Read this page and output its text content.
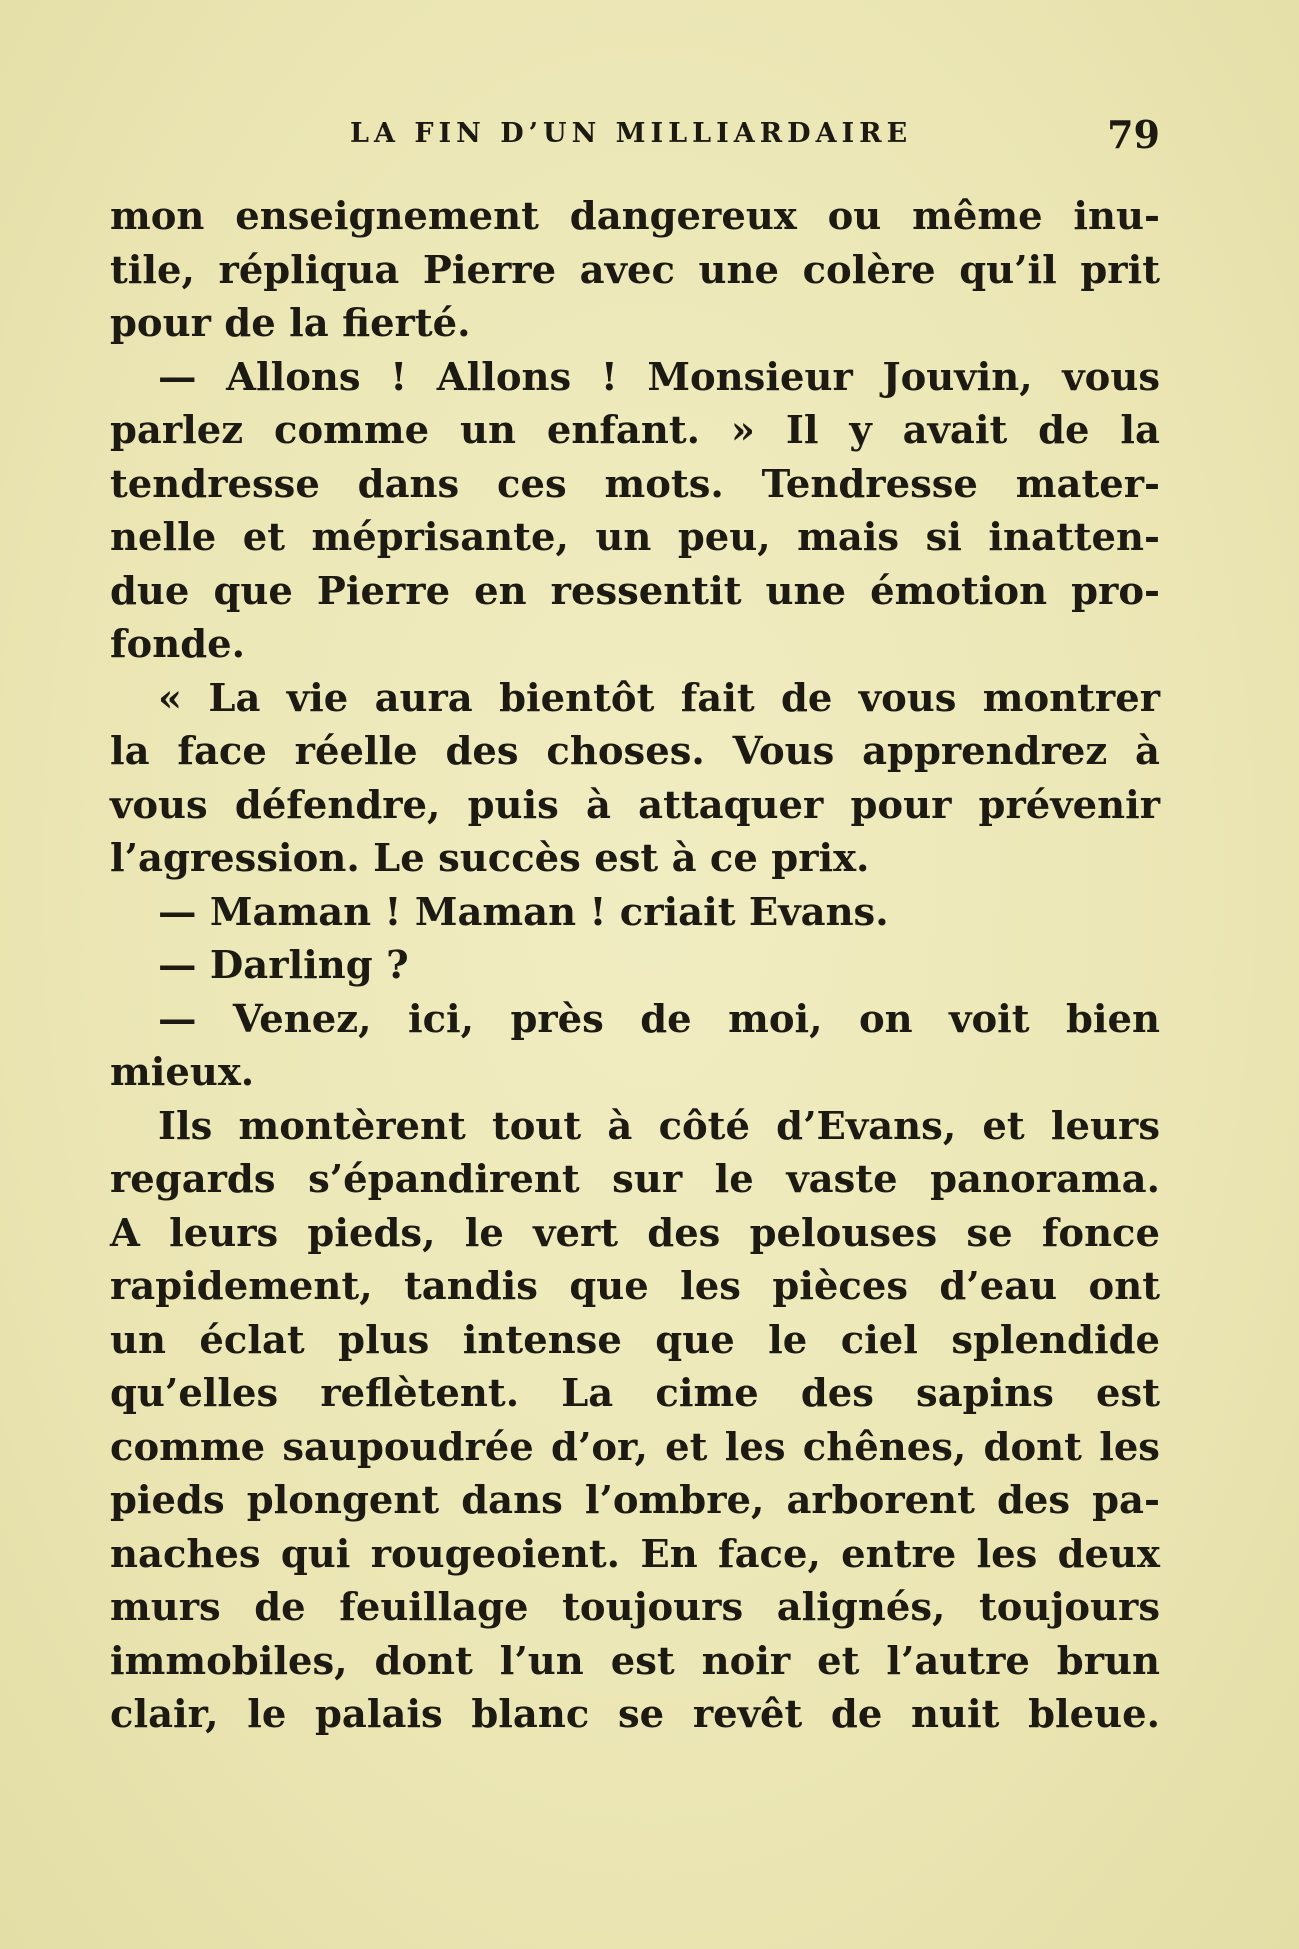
LA FIN D’UN MILLIARDAIRE	79
mon enseignement dangereux ou même inu-
tile, répliqua Pierre avec une colère qu’il prit
pour de la fierté.
— Allons ! Allons ! Monsieur Jouvin, vous
parlez comme un enfant. » Il y avait de la
tendresse dans ces mots. Tendresse mater-
nelle et méprisante, un peu, mais si inatten-
due que Pierre en ressentit une émotion pro-
fonde.
« La vie aura bientôt fait de vous montrer
la face réelle des choses. Vous apprendrez à
vous défendre, puis à attaquer pour prévenir
l’agression. Le succès est à ce prix.
— Maman ! Maman ! criait Evans.
— Darling ?
— Venez, ici, près de moi, on voit bien
mieux.
Ils montèrent tout à côté d’Evans, et leurs
regards s’épandirent sur le vaste panorama.
A leurs pieds, le vert des pelouses se fonce
rapidement, tandis que les pièces d’eau ont
un éclat plus intense que le ciel splendide
qu’elles reflètent. La cime des sapins est
comme saupoudrée d’or, et les chênes, dont les
pieds plongent dans l’ombre, arborent des pa-
naches qui rougeoient. En face, entre les deux
murs de feuillage toujours alignés, toujours
immobiles, dont l’un est noir et l’autre brun
clair, le palais blanc se revêt de nuit bleue.
